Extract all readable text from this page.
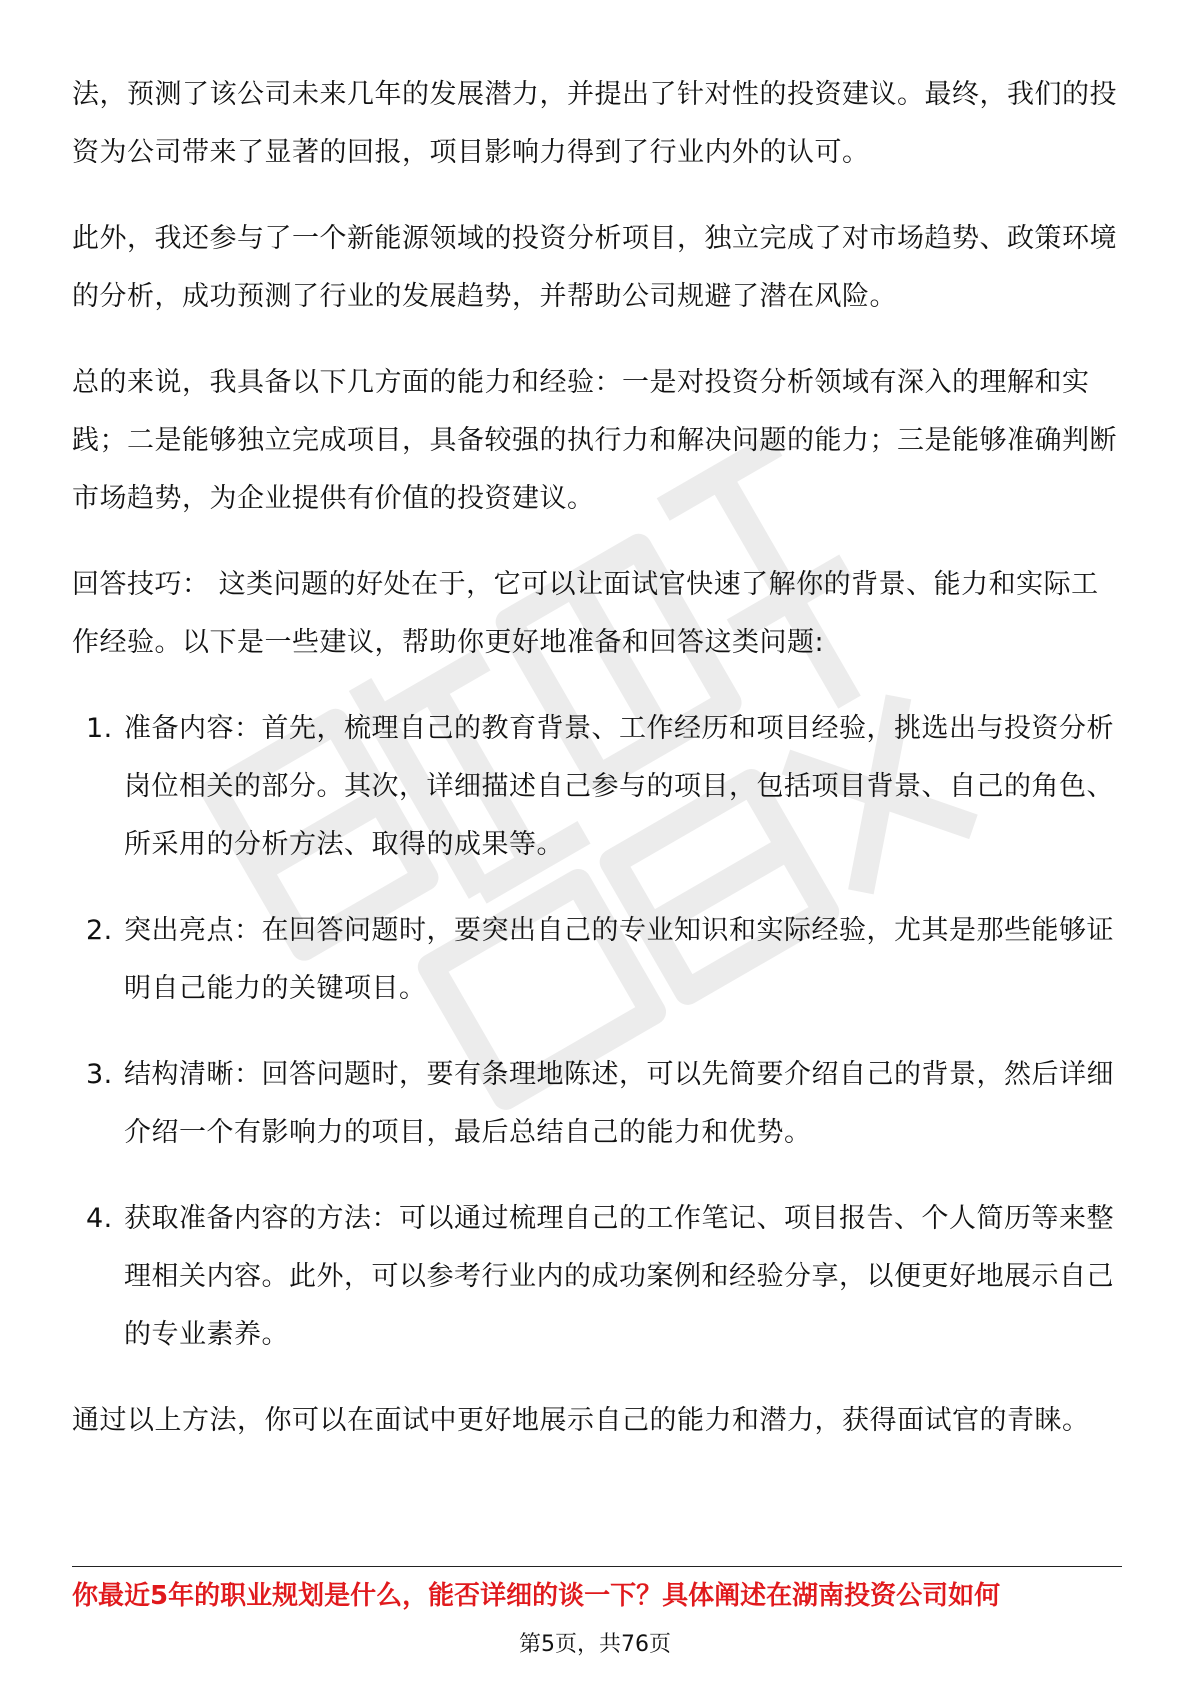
法，预测了该公司未来几年的发展潜力，并提出了针对性的投资建议。最终，我们的投资为公司带来了显著的回报，项目影响力得到了行业内外的认可。

此外，我还参与了一个新能源领域的投资分析项目，独立完成了对市场趋势、政策环境的分析，成功预测了行业的发展趋势，并帮助公司规避了潜在风险。

总的来说，我具备以下几方面的能力和经验：一是对投资分析领域有深入的理解和实践；二是能够独立完成项目，具备较强的执行力和解决问题的能力；三是能够准确判断市场趋势，为企业提供有价值的投资建议。

回答技巧： 这类问题的好处在于，它可以让面试官快速了解你的背景、能力和实际工作经验。以下是一些建议，帮助你更好地准备和回答这类问题:

1. 准备内容：首先，梳理自己的教育背景、工作经历和项目经验，挑选出与投资分析岗位相关的部分。其次，详细描述自己参与的项目，包括项目背景、自己的角色、所采用的分析方法、取得的成果等。
2. 突出亮点：在回答问题时，要突出自己的专业知识和实际经验，尤其是那些能够证明自己能力的关键项目。
3. 结构清晰：回答问题时，要有条理地陈述，可以先简要介绍自己的背景，然后详细介绍一个有影响力的项目，最后总结自己的能力和优势。
4. 获取准备内容的方法：可以通过梳理自己的工作笔记、项目报告、个人简历等来整理相关内容。此外，可以参考行业内的成功案例和经验分享，以便更好地展示自己的专业素养。

通过以上方法，你可以在面试中更好地展示自己的能力和潜力，获得面试官的青睐。

你最近5年的职业规划是什么，能否详细的谈一下？具体阐述在湖南投资公司如何
第5页，共76页
